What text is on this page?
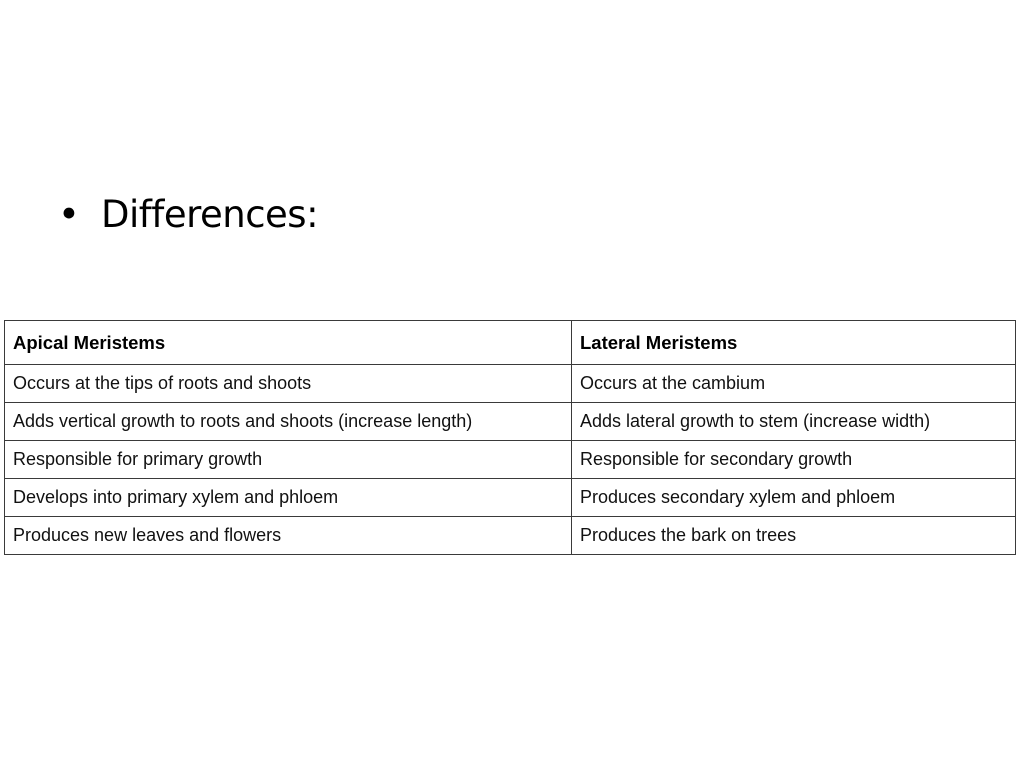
• Differences:
Apical Meristems	Lateral Meristems
Occurs at the tips of roots and shoots	Occurs at the cambium
Adds vertical growth to roots and shoots (increase length)	Adds lateral growth to stem (increase width)
Responsible for primary growth	Responsible for secondary growth
Develops into primary xylem and phloem	Produces secondary xylem and phloem
Produces new leaves and flowers	Produces the bark on trees
